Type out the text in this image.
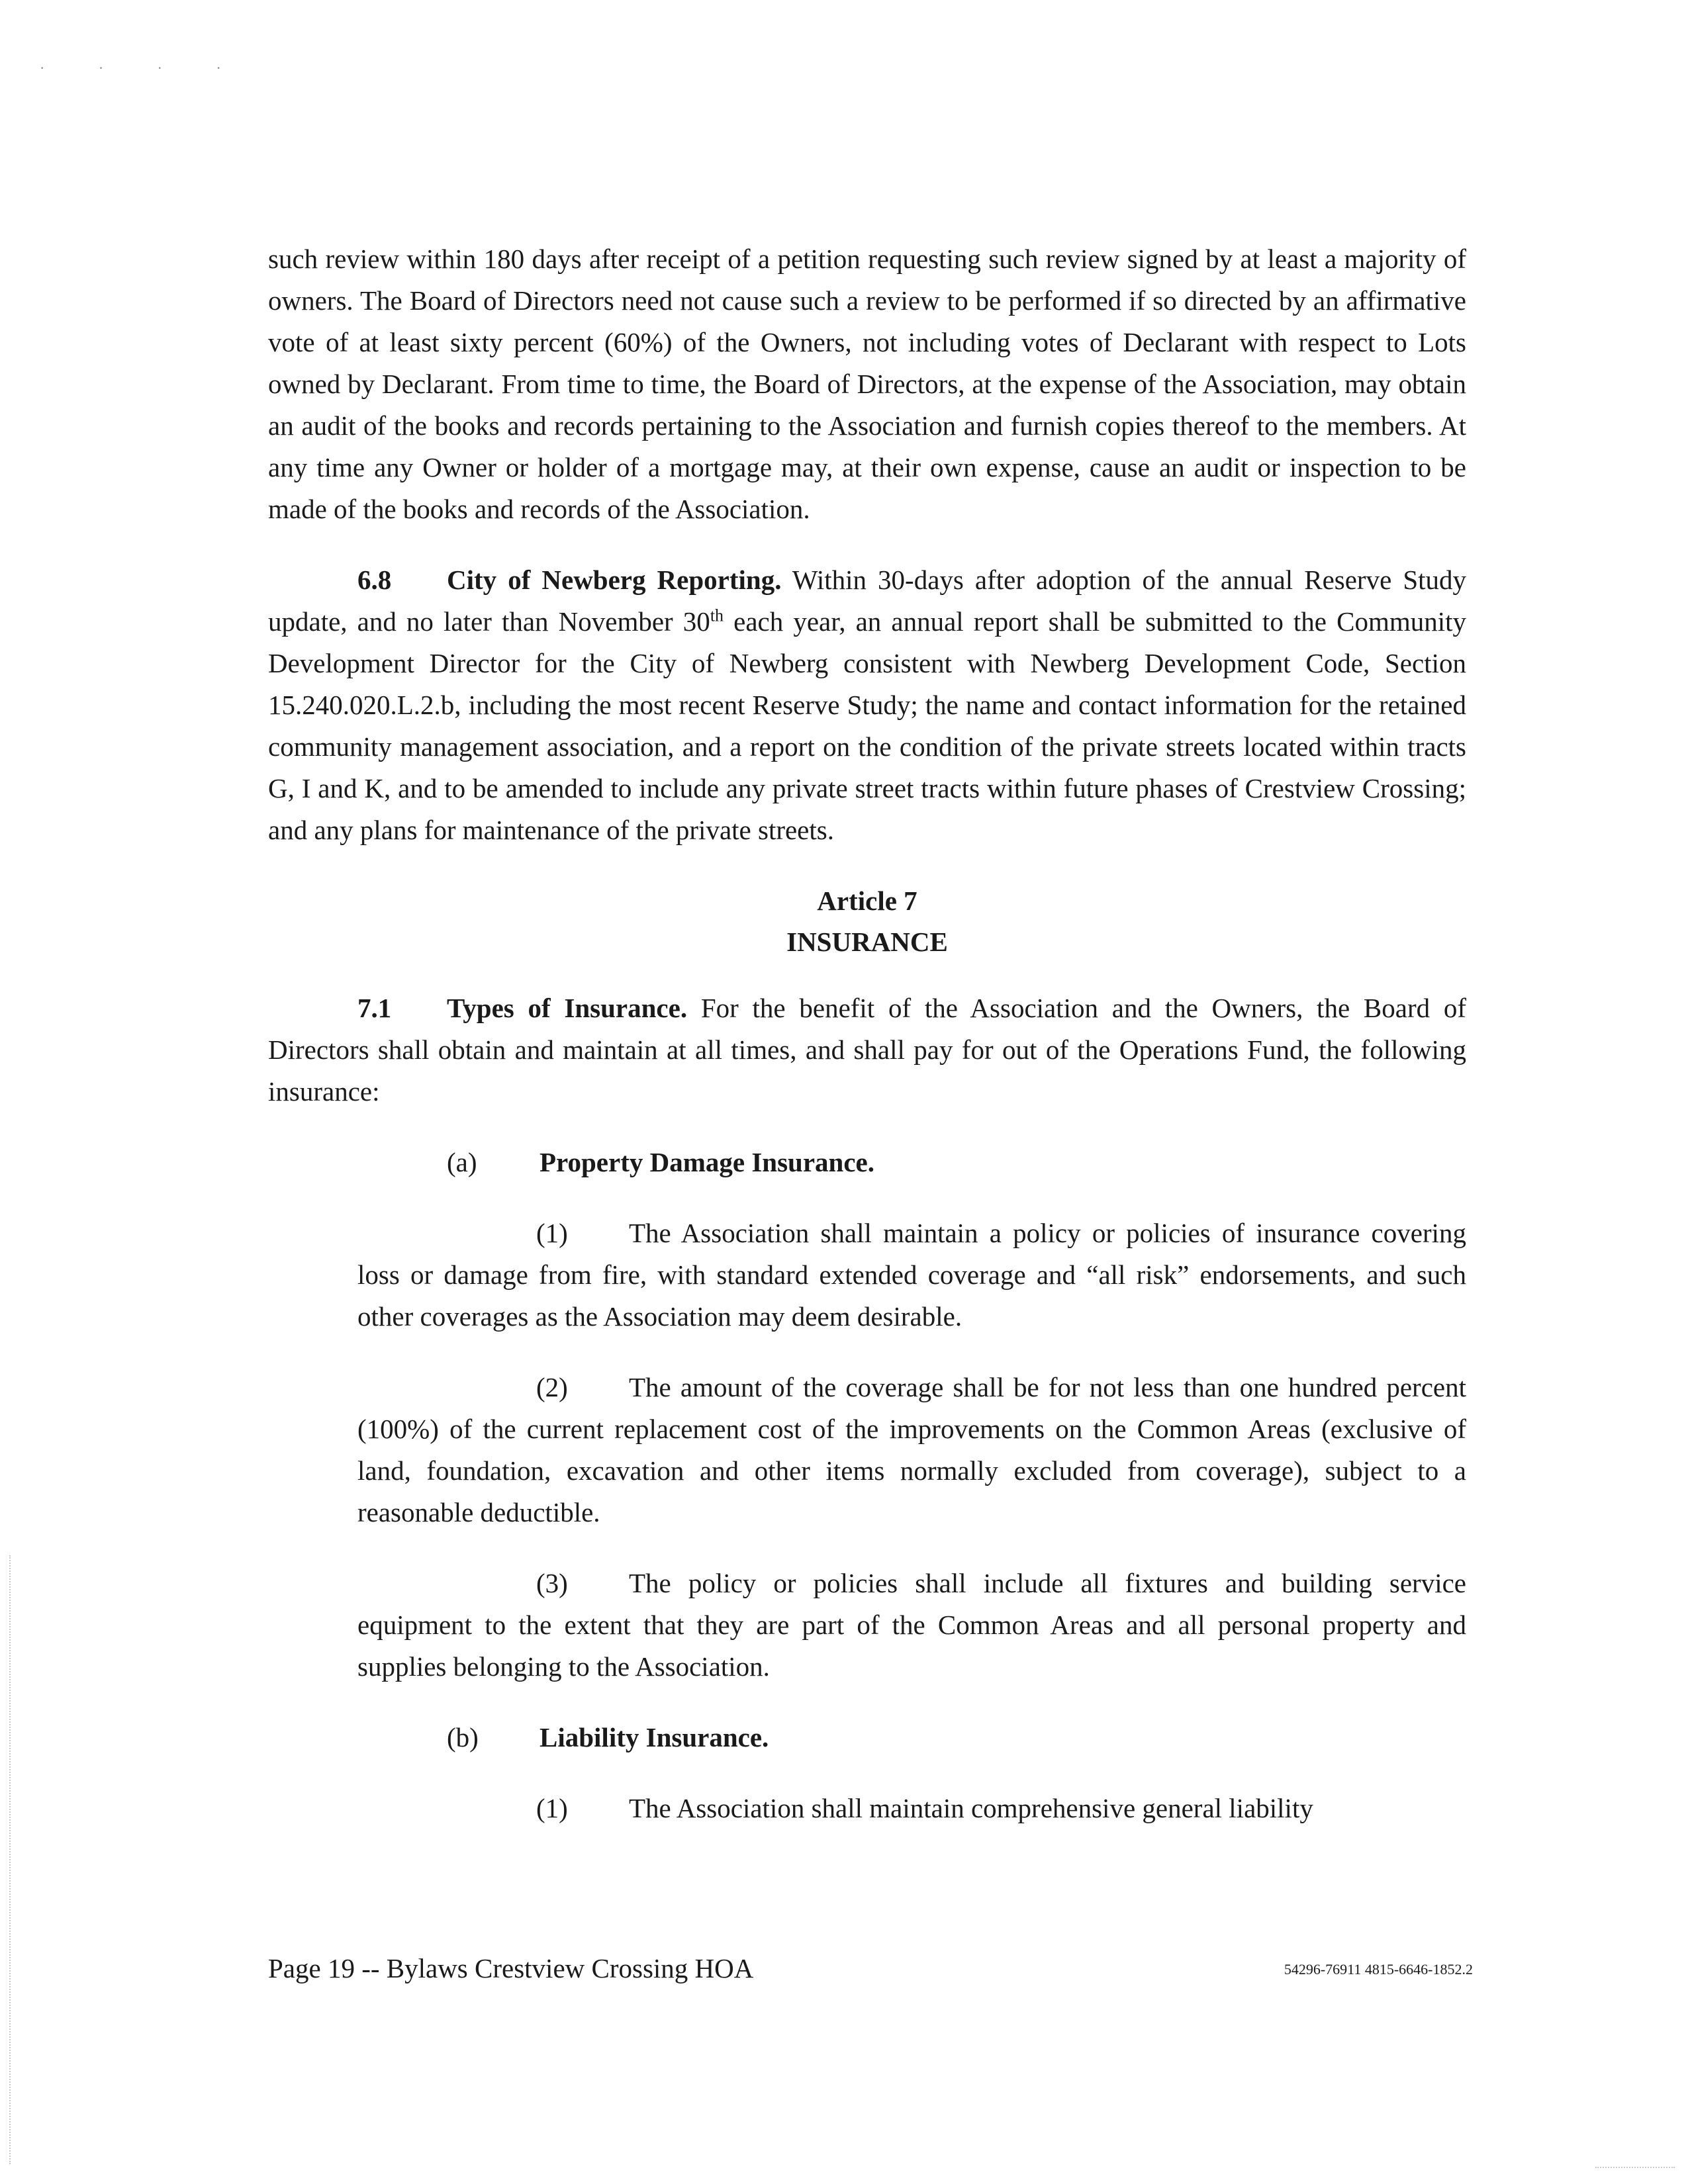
· · · ·

such review within 180 days after receipt of a petition requesting such review signed by at least a majority of owners. The Board of Directors need not cause such a review to be performed if so directed by an affirmative vote of at least sixty percent (60%) of the Owners, not including votes of Declarant with respect to Lots owned by Declarant. From time to time, the Board of Directors, at the expense of the Association, may obtain an audit of the books and records pertaining to the Association and furnish copies thereof to the members. At any time any Owner or holder of a mortgage may, at their own expense, cause an audit or inspection to be made of the books and records of the Association.

6.8 City of Newberg Reporting. Within 30-days after adoption of the annual Reserve Study update, and no later than November 30th each year, an annual report shall be submitted to the Community Development Director for the City of Newberg consistent with Newberg Development Code, Section 15.240.020.L.2.b, including the most recent Reserve Study; the name and contact information for the retained community management association, and a report on the condition of the private streets located within tracts G, I and K, and to be amended to include any private street tracts within future phases of Crestview Crossing; and any plans for maintenance of the private streets.

Article 7
INSURANCE

7.1 Types of Insurance. For the benefit of the Association and the Owners, the Board of Directors shall obtain and maintain at all times, and shall pay for out of the Operations Fund, the following insurance:

(a) Property Damage Insurance.

(1) The Association shall maintain a policy or policies of insurance covering loss or damage from fire, with standard extended coverage and “all risk” endorsements, and such other coverages as the Association may deem desirable.

(2) The amount of the coverage shall be for not less than one hundred percent (100%) of the current replacement cost of the improvements on the Common Areas (exclusive of land, foundation, excavation and other items normally excluded from coverage), subject to a reasonable deductible.

(3) The policy or policies shall include all fixtures and building service equipment to the extent that they are part of the Common Areas and all personal property and supplies belonging to the Association.

(b) Liability Insurance.

(1) The Association shall maintain comprehensive general liability

Page 19 -- Bylaws Crestview Crossing HOA	54296-76911 4815-6646-1852.2
